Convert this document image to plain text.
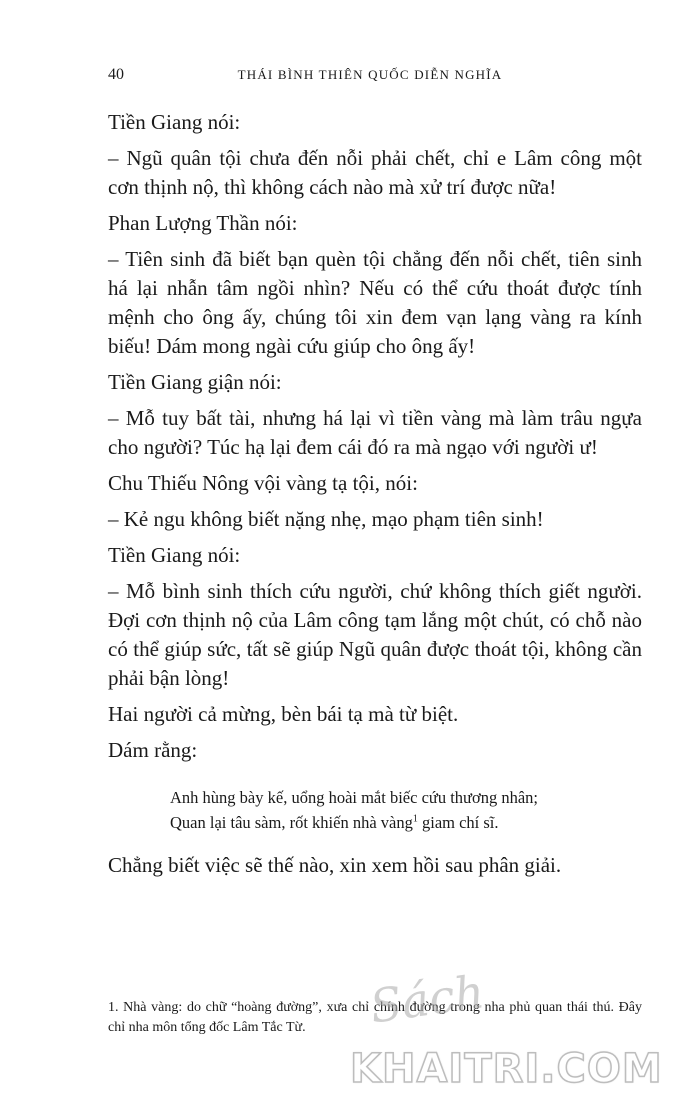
40	THÁI BÌNH THIÊN QUỐC DIỄN NGHĨA

Tiền Giang nói:

– Ngũ quân tội chưa đến nỗi phải chết, chỉ e Lâm công một cơn thịnh nộ, thì không cách nào mà xử trí được nữa!

Phan Lượng Thần nói:

– Tiên sinh đã biết bạn quèn tội chẳng đến nỗi chết, tiên sinh há lại nhẫn tâm ngồi nhìn? Nếu có thể cứu thoát được tính mệnh cho ông ấy, chúng tôi xin đem vạn lạng vàng ra kính biếu! Dám mong ngài cứu giúp cho ông ấy!

Tiền Giang giận nói:

– Mỗ tuy bất tài, nhưng há lại vì tiền vàng mà làm trâu ngựa cho người? Túc hạ lại đem cái đó ra mà ngạo với người ư!

Chu Thiếu Nông vội vàng tạ tội, nói:

– Kẻ ngu không biết nặng nhẹ, mạo phạm tiên sinh!

Tiền Giang nói:

– Mỗ bình sinh thích cứu người, chứ không thích giết người. Đợi cơn thịnh nộ của Lâm công tạm lắng một chút, có chỗ nào có thể giúp sức, tất sẽ giúp Ngũ quân được thoát tội, không cần phải bận lòng!

Hai người cả mừng, bèn bái tạ mà từ biệt.

Dám rằng:

Anh hùng bày kế, uổng hoài mắt biếc cứu thương nhân;
Quan lại tâu sàm, rốt khiến nhà vàng$^1$ giam chí sĩ.

Chẳng biết việc sẽ thế nào, xin xem hồi sau phân giải.

1. Nhà vàng: do chữ “hoàng đường”, xưa chỉ chính đường trong nha phủ quan thái thú. Đây chỉ nha môn tổng đốc Lâm Tắc Từ.	Sách
KHAITRI.COM
